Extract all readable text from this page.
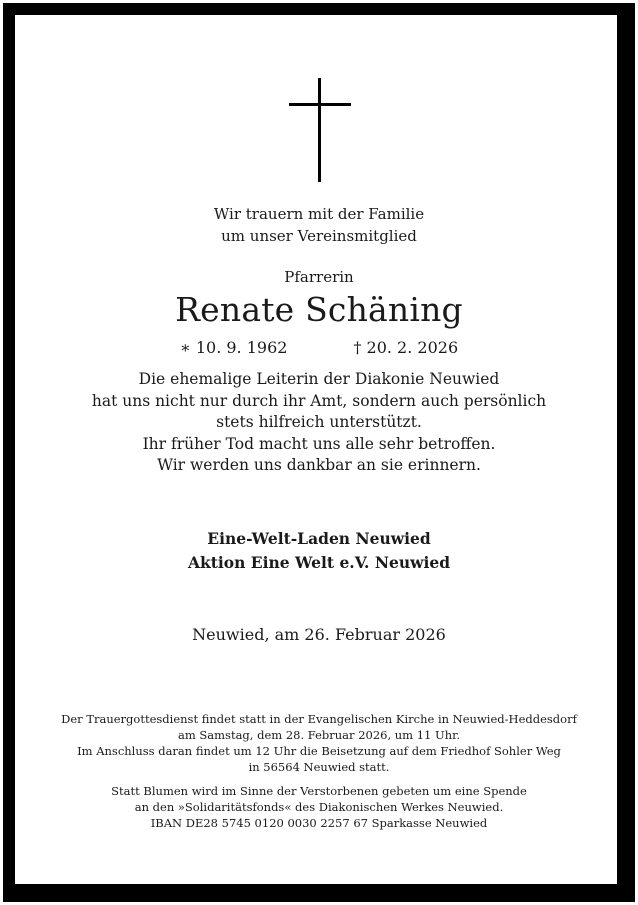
Wir trauern mit der Familie
um unser Vereinsmitglied
Pfarrerin
Renate Schäning
∗ 10. 9. 1962	† 20. 2. 2026
Die ehemalige Leiterin der Diakonie Neuwied
hat uns nicht nur durch ihr Amt, sondern auch persönlich
stets hilfreich unterstützt.
Ihr früher Tod macht uns alle sehr betroffen.
Wir werden uns dankbar an sie erinnern.
Eine-Welt-Laden Neuwied
Aktion Eine Welt e.V. Neuwied
Neuwied, am 26. Februar 2026
Der Trauergottesdienst findet statt in der Evangelischen Kirche in Neuwied-Heddesdorf
am Samstag, dem 28. Februar 2026, um 11 Uhr.
Im Anschluss daran findet um 12 Uhr die Beisetzung auf dem Friedhof Sohler Weg
in 56564 Neuwied statt.
Statt Blumen wird im Sinne der Verstorbenen gebeten um eine Spende
an den »Solidaritätsfonds« des Diakonischen Werkes Neuwied.
IBAN DE28 5745 0120 0030 2257 67 Sparkasse Neuwied
